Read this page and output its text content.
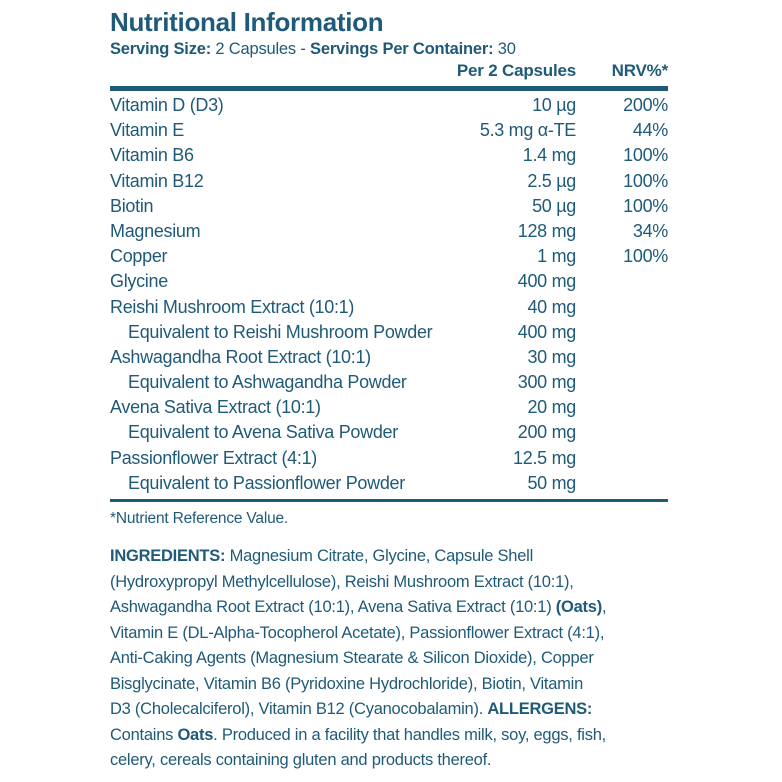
Nutritional Information
Serving Size: 2 Capsules - Servings Per Container: 30
Per 2 Capsules NRV%*
Vitamin D (D3)	10 µg	200%
Vitamin E	5.3 mg α-TE	44%
Vitamin B6	1.4 mg	100%
Vitamin B12	2.5 µg	100%
Biotin	50 µg	100%
Magnesium	128 mg	34%
Copper	1 mg	100%
Glycine	400 mg
Reishi Mushroom Extract (10:1)	40 mg
Equivalent to Reishi Mushroom Powder	400 mg
Ashwagandha Root Extract (10:1)	30 mg
Equivalent to Ashwagandha Powder	300 mg
Avena Sativa Extract (10:1)	20 mg
Equivalent to Avena Sativa Powder	200 mg
Passionflower Extract (4:1)	12.5 mg
Equivalent to Passionflower Powder	50 mg
*Nutrient Reference Value.
INGREDIENTS: Magnesium Citrate, Glycine, Capsule Shell
(Hydroxypropyl Methylcellulose), Reishi Mushroom Extract (10:1),
Ashwagandha Root Extract (10:1), Avena Sativa Extract (10:1) (Oats),
Vitamin E (DL-Alpha-Tocopherol Acetate), Passionflower Extract (4:1),
Anti-Caking Agents (Magnesium Stearate & Silicon Dioxide), Copper
Bisglycinate, Vitamin B6 (Pyridoxine Hydrochloride), Biotin, Vitamin
D3 (Cholecalciferol), Vitamin B12 (Cyanocobalamin). ALLERGENS:
Contains Oats. Produced in a facility that handles milk, soy, eggs, fish,
celery, cereals containing gluten and products thereof.
